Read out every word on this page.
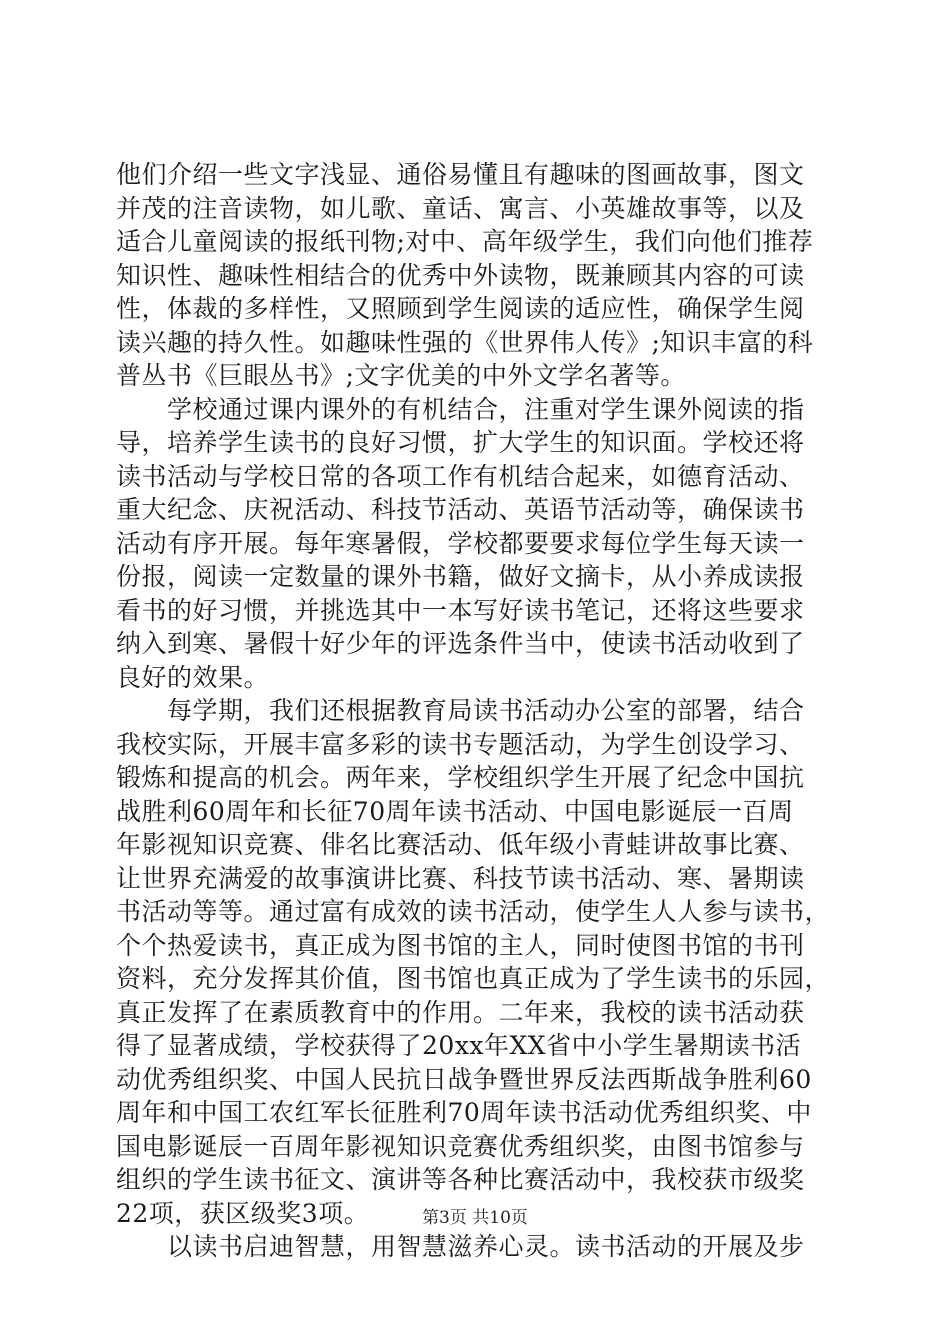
他们介绍一些文字浅显、通俗易懂且有趣味的图画故事，图文
并茂的注音读物，如儿歌、童话、寓言、小英雄故事等，以及
适合儿童阅读的报纸刊物;对中、高年级学生，我们向他们推荐
知识性、趣味性相结合的优秀中外读物，既兼顾其内容的可读
性，体裁的多样性，又照顾到学生阅读的适应性，确保学生阅
读兴趣的持久性。如趣味性强的《世界伟人传》;知识丰富的科
普丛书《巨眼丛书》;文字优美的中外文学名著等。
　　学校通过课内课外的有机结合，注重对学生课外阅读的指
导，培养学生读书的良好习惯，扩大学生的知识面。学校还将
读书活动与学校日常的各项工作有机结合起来，如德育活动、
重大纪念、庆祝活动、科技节活动、英语节活动等，确保读书
活动有序开展。每年寒暑假，学校都要要求每位学生每天读一
份报，阅读一定数量的课外书籍，做好文摘卡，从小养成读报
看书的好习惯，并挑选其中一本写好读书笔记，还将这些要求
纳入到寒、暑假十好少年的评选条件当中，使读书活动收到了
良好的效果。
　　每学期，我们还根据教育局读书活动办公室的部署，结合
我校实际，开展丰富多彩的读书专题活动，为学生创设学习、
锻炼和提高的机会。两年来，学校组织学生开展了纪念中国抗
战胜利60周年和长征70周年读书活动、中国电影诞辰一百周
年影视知识竞赛、俳名比赛活动、低年级小青蛙讲故事比赛、
让世界充满爱的故事演讲比赛、科技节读书活动、寒、暑期读
书活动等等。通过富有成效的读书活动，使学生人人参与读书，
个个热爱读书，真正成为图书馆的主人，同时使图书馆的书刊
资料，充分发挥其价值，图书馆也真正成为了学生读书的乐园，
真正发挥了在素质教育中的作用。二年来，我校的读书活动获
得了显著成绩，学校获得了20xx年XX省中小学生暑期读书活
动优秀组织奖、中国人民抗日战争暨世界反法西斯战争胜利60
周年和中国工农红军长征胜利70周年读书活动优秀组织奖、中
国电影诞辰一百周年影视知识竞赛优秀组织奖，由图书馆参与
组织的学生读书征文、演讲等各种比赛活动中，我校获市级奖
22项，获区级奖3项。
　　以读书启迪智慧，用智慧滋养心灵。读书活动的开展及步
第3页 共10页
